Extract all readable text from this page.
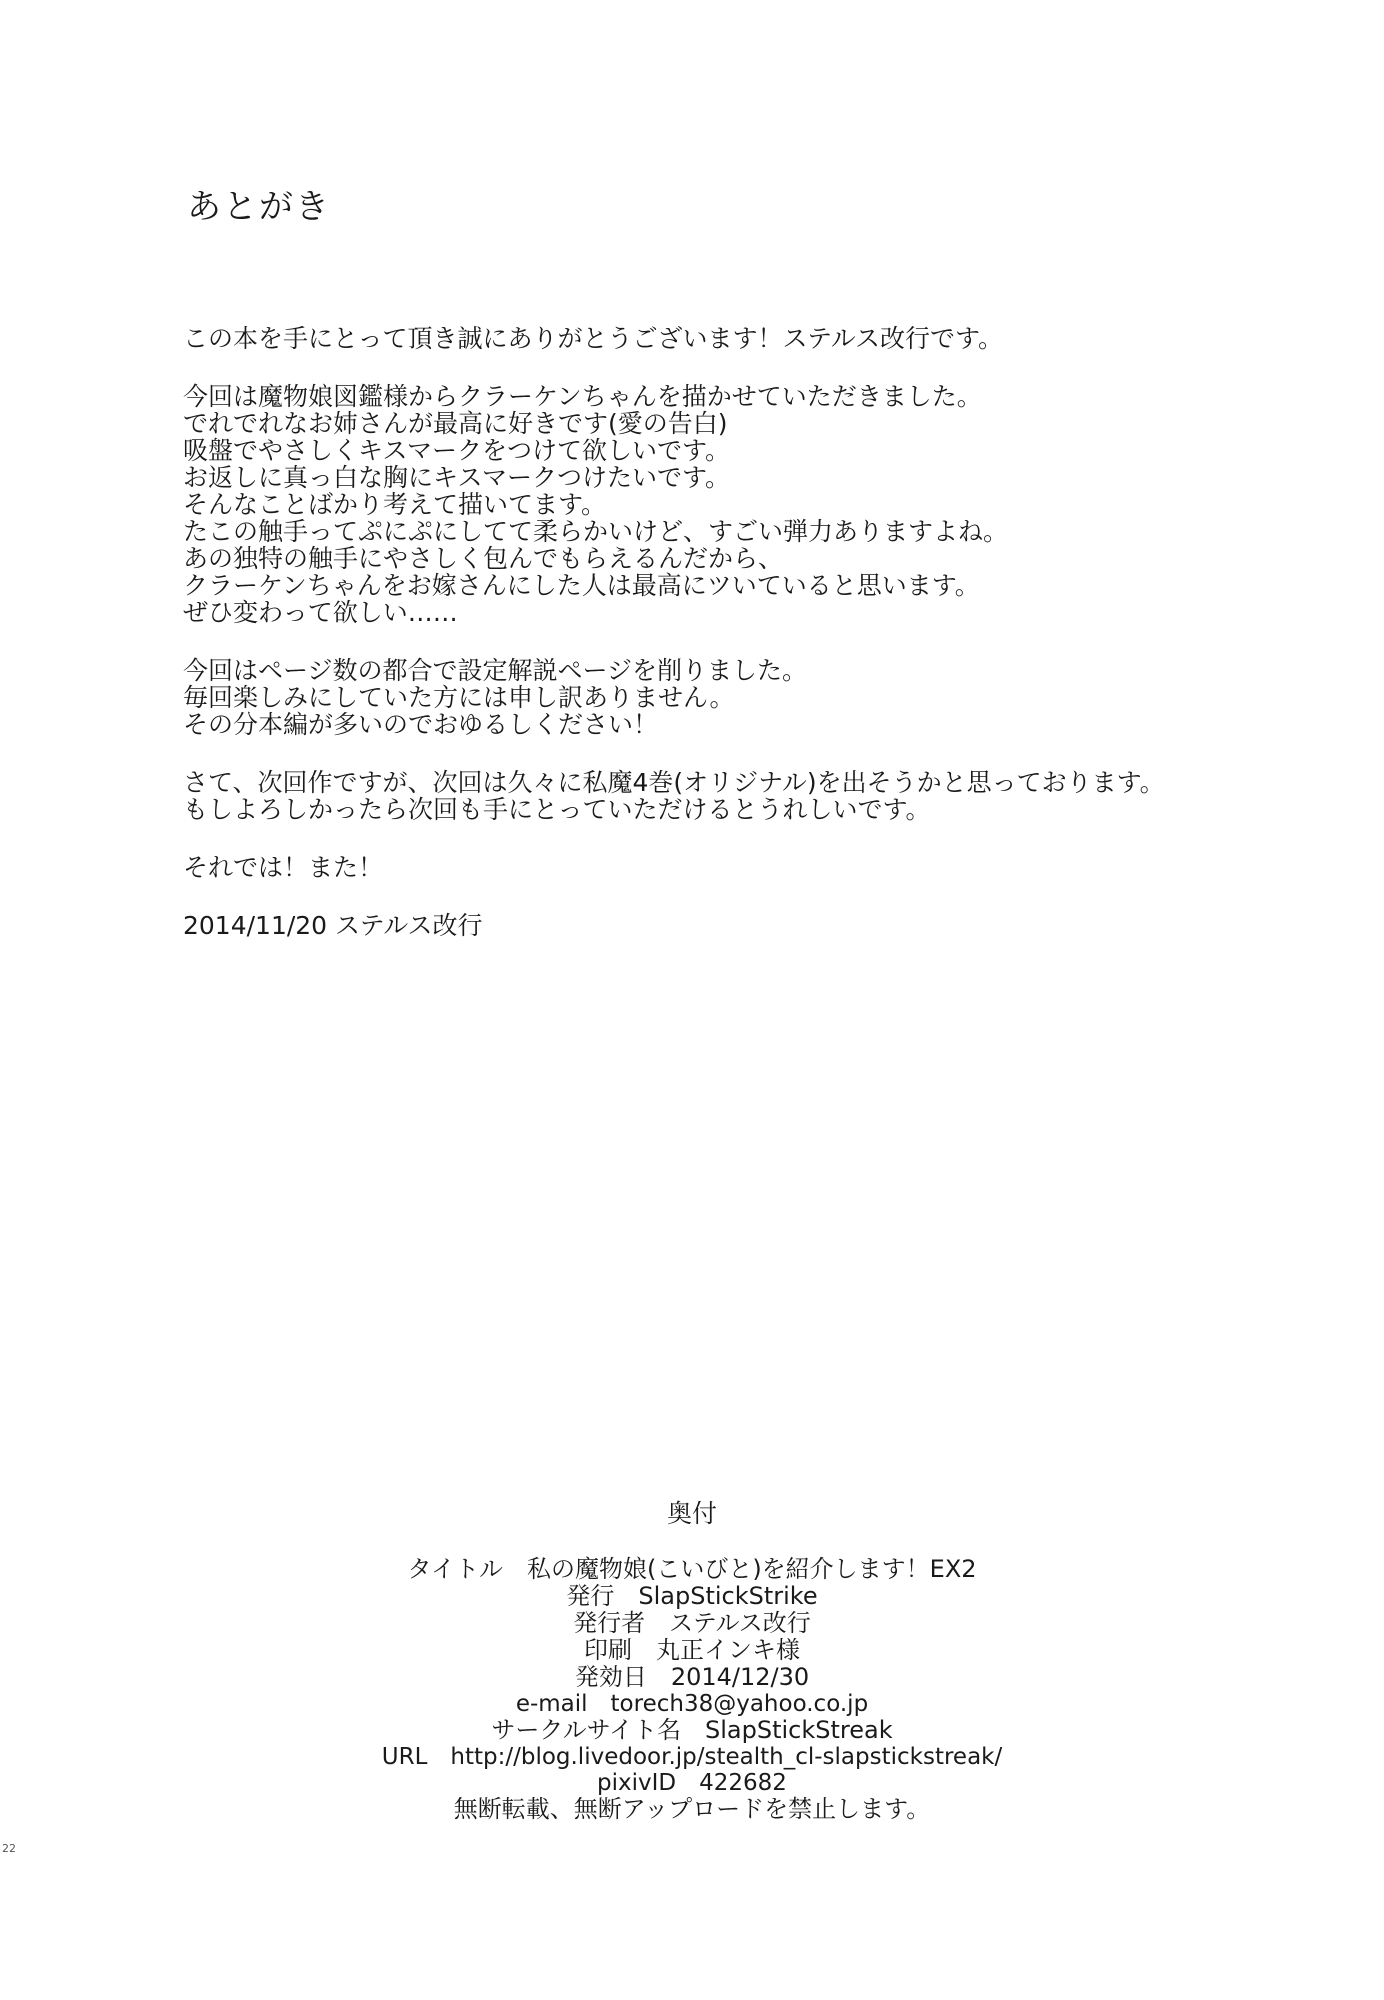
あとがき
この本を手にとって頂き誠にありがとうございます！ステルス改行です。
今回は魔物娘図鑑様からクラーケンちゃんを描かせていただきました。
でれでれなお姉さんが最高に好きです(愛の告白)
吸盤でやさしくキスマークをつけて欲しいです。
お返しに真っ白な胸にキスマークつけたいです。
そんなことばかり考えて描いてます。
たこの触手ってぷにぷにしてて柔らかいけど、すごい弾力ありますよね。
あの独特の触手にやさしく包んでもらえるんだから、
クラーケンちゃんをお嫁さんにした人は最高にツいていると思います。
ぜひ変わって欲しい……
今回はページ数の都合で設定解説ページを削りました。
毎回楽しみにしていた方には申し訳ありません。
その分本編が多いのでおゆるしください！
さて、次回作ですが、次回は久々に私魔4巻(オリジナル)を出そうかと思っております。
もしよろしかったら次回も手にとっていただけるとうれしいです。
それでは！また！
2014/11/20 ステルス改行
奥付
タイトル　私の魔物娘(こいびと)を紹介します！EX2
発行　SlapStickStrike
発行者　ステルス改行
印刷　丸正インキ様
発効日　2014/12/30
e-mail　torech38@yahoo.co.jp
サークルサイト名　SlapStickStreak
URL　http://blog.livedoor.jp/stealth_cl-slapstickstreak/
pixivID　422682
無断転載、無断アップロードを禁止します。
22
